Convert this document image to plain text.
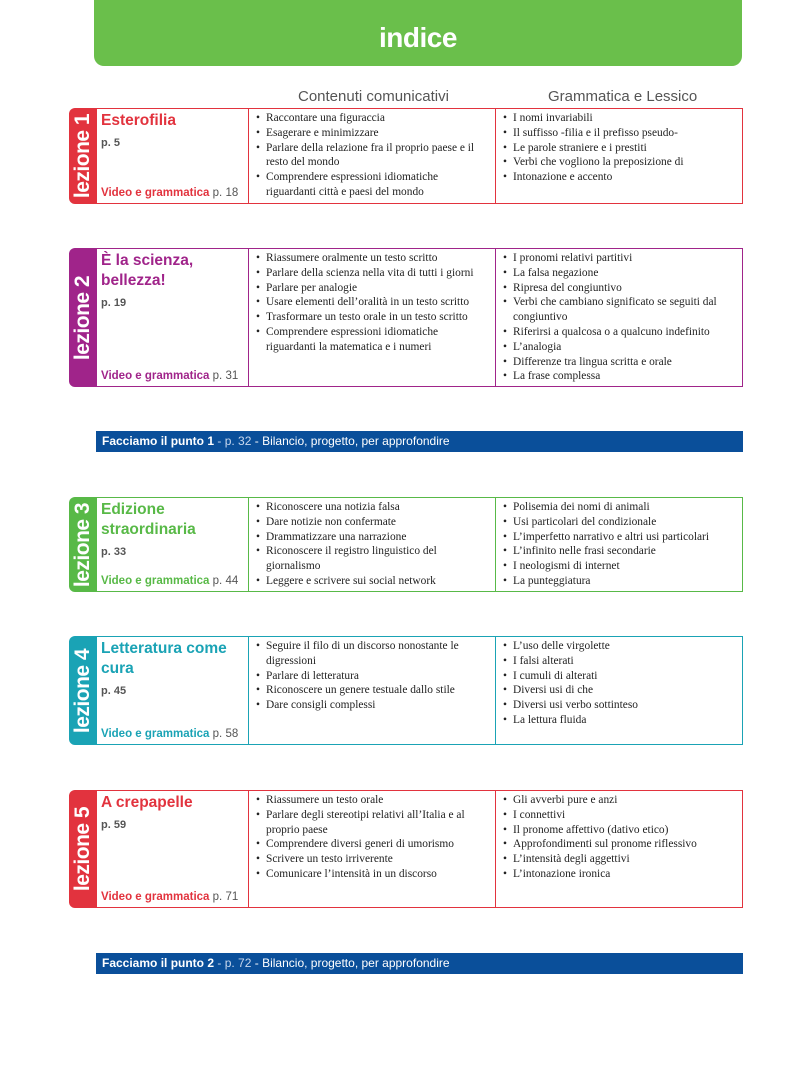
indice
Contenuti comunicativi	Grammatica e Lessico
lezione 1 Esterofilia
p. 5
Video e grammatica p. 18
• Raccontare una figuraccia
• Esagerare e minimizzare
• Parlare della relazione fra il proprio paese e il resto del mondo
• Comprendere espressioni idiomatiche riguardanti città e paesi del mondo
• I nomi invariabili
• Il suffisso -filia e il prefisso pseudo-
• Le parole straniere e i prestiti
• Verbi che vogliono la preposizione di
• Intonazione e accento
lezione 2
È la scienza, bellezza!
p. 19
Video e grammatica p. 31
• Riassumere oralmente un testo scritto
• Parlare della scienza nella vita di tutti i giorni
• Parlare per analogie
• Usare elementi dell’oralità in un testo scritto
• Trasformare un testo orale in un testo scritto
• Comprendere espressioni idiomatiche riguardanti la matematica e i numeri
• I pronomi relativi partitivi
• La falsa negazione
• Ripresa del congiuntivo
• Verbi che cambiano significato se seguiti dal congiuntivo
• Riferirsi a qualcosa o a qualcuno indefinito
• L’analogia
• Differenze tra lingua scritta e orale
• La frase complessa
Facciamo il punto 1 - p. 32 - Bilancio, progetto, per approfondire
lezione 3 Edizione straordinaria
p. 33
Video e grammatica p. 44
• Riconoscere una notizia falsa
• Dare notizie non confermate
• Drammatizzare una narrazione
• Riconoscere il registro linguistico del giornalismo
• Leggere e scrivere sui social network
• Polisemia dei nomi di animali
• Usi particolari del condizionale
• L’imperfetto narrativo e altri usi particolari
• L’infinito nelle frasi secondarie
• I neologismi di internet
• La punteggiatura
lezione 4 Letteratura come cura
p. 45
Video e grammatica p. 58
• Seguire il filo di un discorso nonostante le digressioni
• Parlare di letteratura
• Riconoscere un genere testuale dallo stile
• Dare consigli complessi
• L’uso delle virgolette
• I falsi alterati
• I cumuli di alterati
• Diversi usi di che
• Diversi usi verbo sottinteso
• La lettura fluida
lezione 5
A crepapelle
p. 59
Video e grammatica p. 71
• Riassumere un testo orale
• Parlare degli stereotipi relativi all’Italia e al proprio paese
• Comprendere diversi generi di umorismo
• Scrivere un testo irriverente
• Comunicare l’intensità in un discorso
• Gli avverbi pure e anzi
• I connettivi
• Il pronome affettivo (dativo etico)
• Approfondimenti sul pronome riflessivo
• L’intensità degli aggettivi
• L’intonazione ironica
Facciamo il punto 2 - p. 72 - Bilancio, progetto, per approfondire
